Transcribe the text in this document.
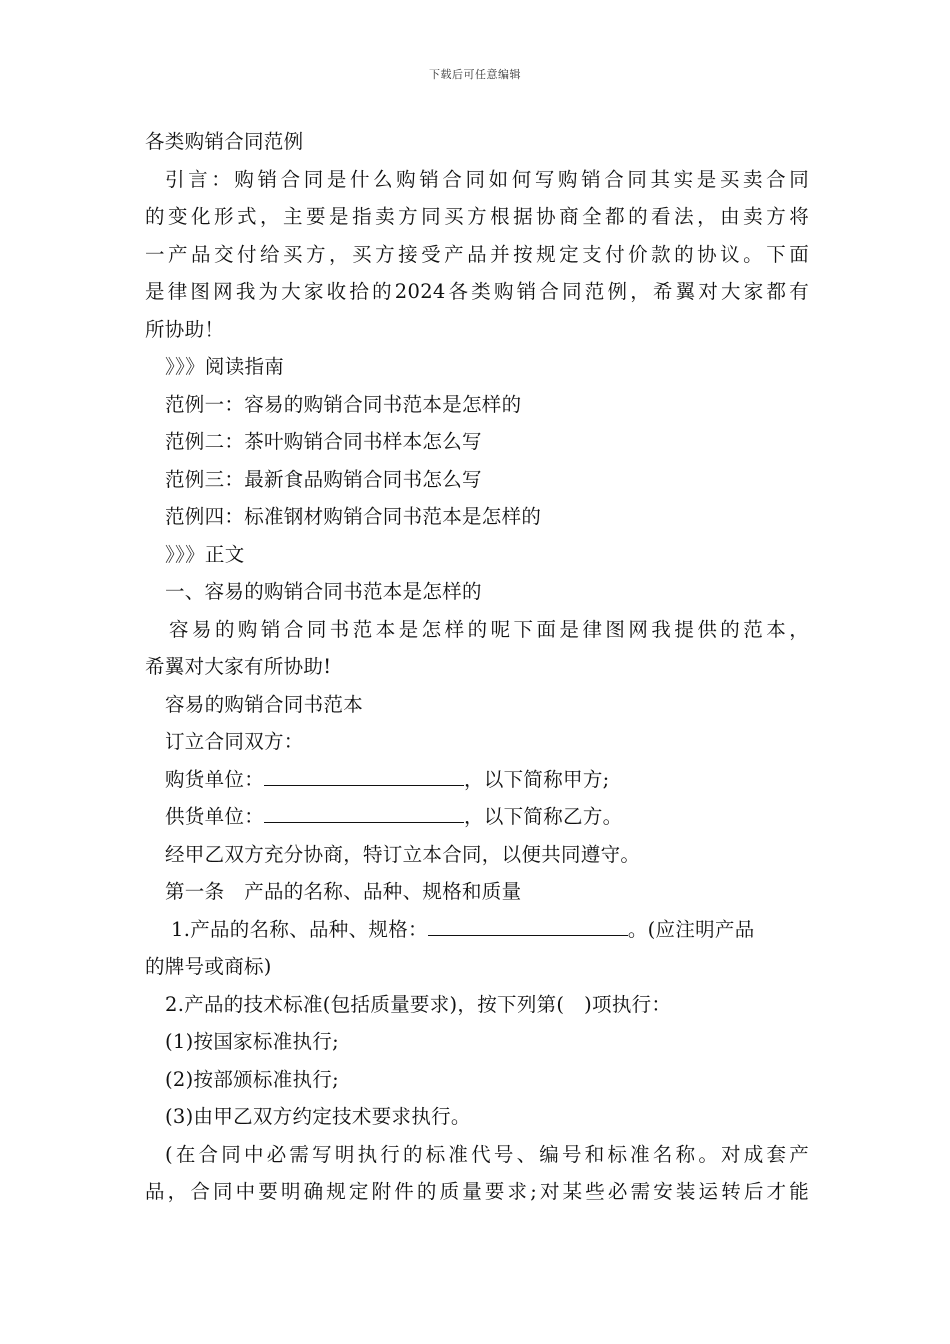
下载后可任意编辑
各类购销合同范例
引言：购销合同是什么购销合同如何写购销合同其实是买卖合同
的变化形式，主要是指卖方同买方根据协商全都的看法，由卖方将
一产品交付给买方，买方接受产品并按规定支付价款的协议。下面
是律图网我为大家收拾的2024各类购销合同范例，希翼对大家都有
所协助！
》》》阅读指南
范例一：容易的购销合同书范本是怎样的
范例二：茶叶购销合同书样本怎么写
范例三：最新食品购销合同书怎么写
范例四：标准钢材购销合同书范本是怎样的
》》》正文
一、容易的购销合同书范本是怎样的
容易的购销合同书范本是怎样的呢下面是律图网我提供的范本，
希翼对大家有所协助!
容易的购销合同书范本
订立合同双方：
购货单位：	，以下简称甲方;
供货单位：	，以下简称乙方。
经甲乙双方充分协商，特订立本合同，以便共同遵守。
第一条　产品的名称、品种、规格和质量
1.产品的名称、品种、规格：	。(应注明产品
的牌号或商标)
2.产品的技术标准(包括质量要求)，按下列第(　)项执行：
(1)按国家标准执行;
(2)按部颁标准执行;
(3)由甲乙双方约定技术要求执行。
(在合同中必需写明执行的标准代号、编号和标准名称。对成套产
品，合同中要明确规定附件的质量要求;对某些必需安装运转后才能
